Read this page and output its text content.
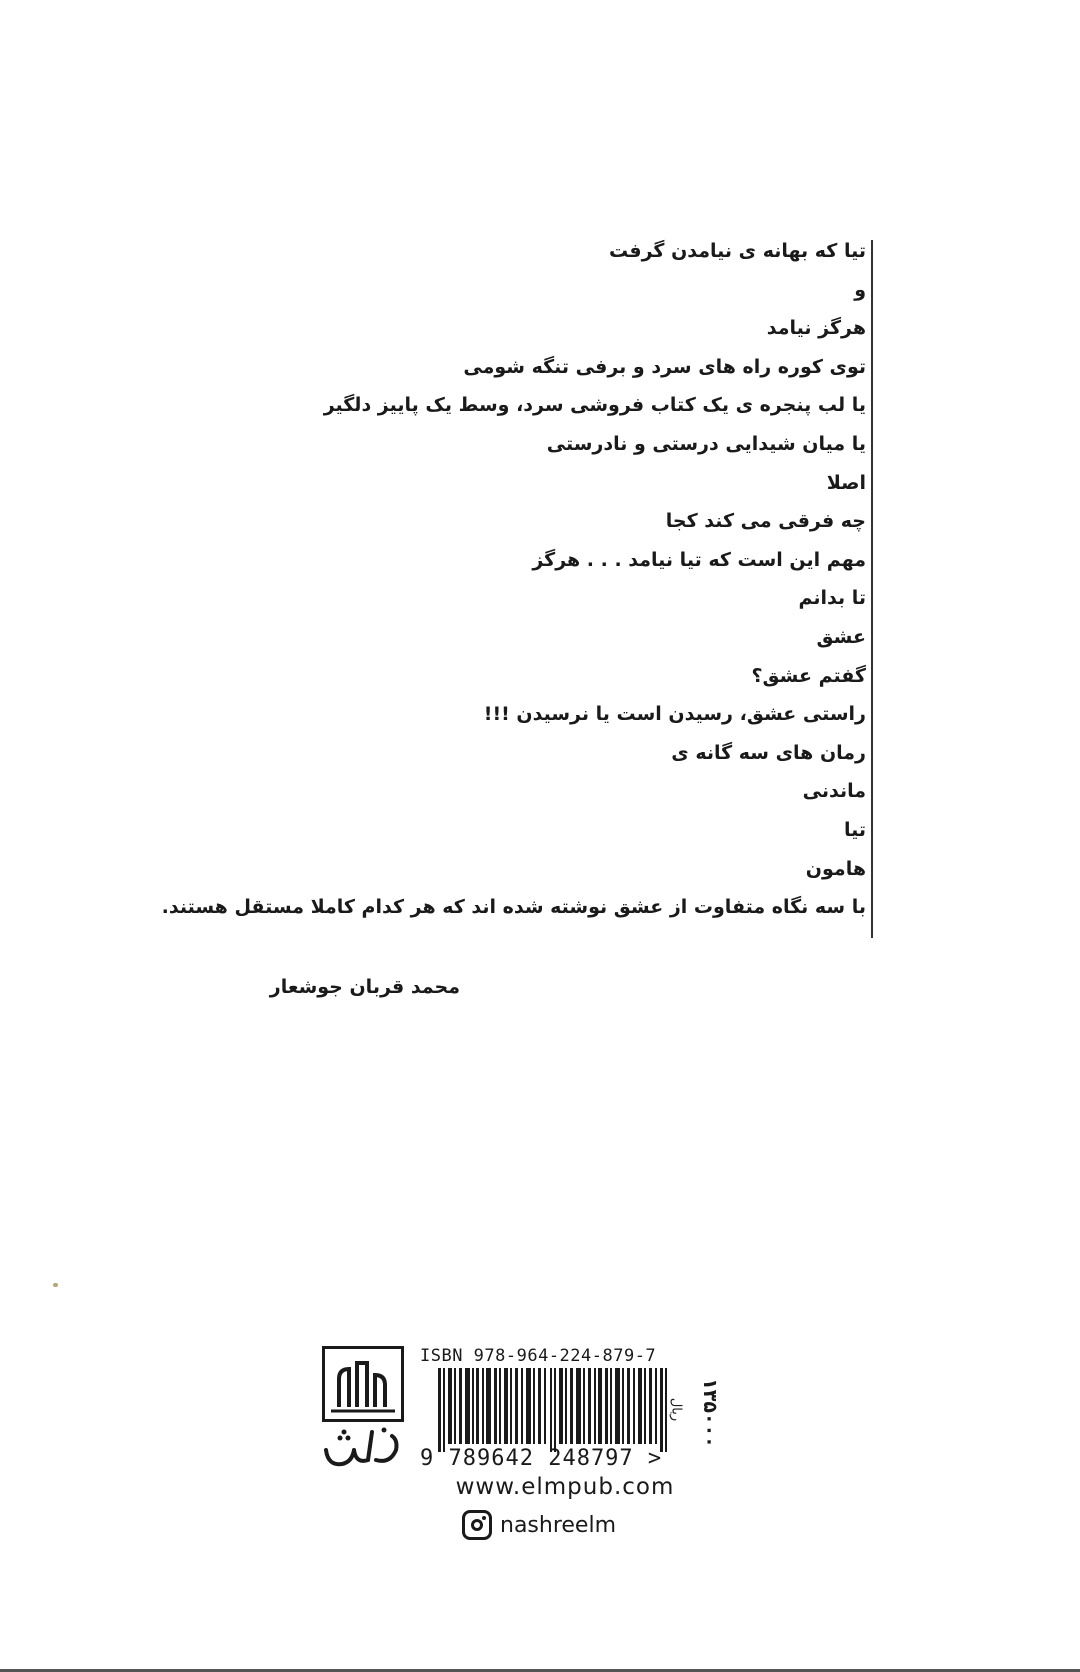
تیا که بهانه ی نیامدن گرفت
و
هرگز نیامد
توی کوره راه های سرد و برفی تنگه شومی
یا لب پنجره ی یک کتاب فروشی سرد، وسط یک پاییز دلگیر
یا میان شیدایی درستی و نادرستی
اصلا
چه فرقی می کند کجا
مهم این است که تیا نیامد . . . هرگز
تا بدانم
عشق
گفتم عشق؟
راستی عشق، رسیدن است یا نرسیدن !!!
رمان های سه گانه ی
ماندنی
تیا
هامون
با سه نگاه متفاوت از عشق نوشته شده اند که هر کدام کاملا مستقل هستند.
محمد قربان جوشعار
ISBN 978-964-224-879-7
9 789642 248797 >
۱۳۵۰۰۰
ریال
www.elmpub.com
nashreelm
